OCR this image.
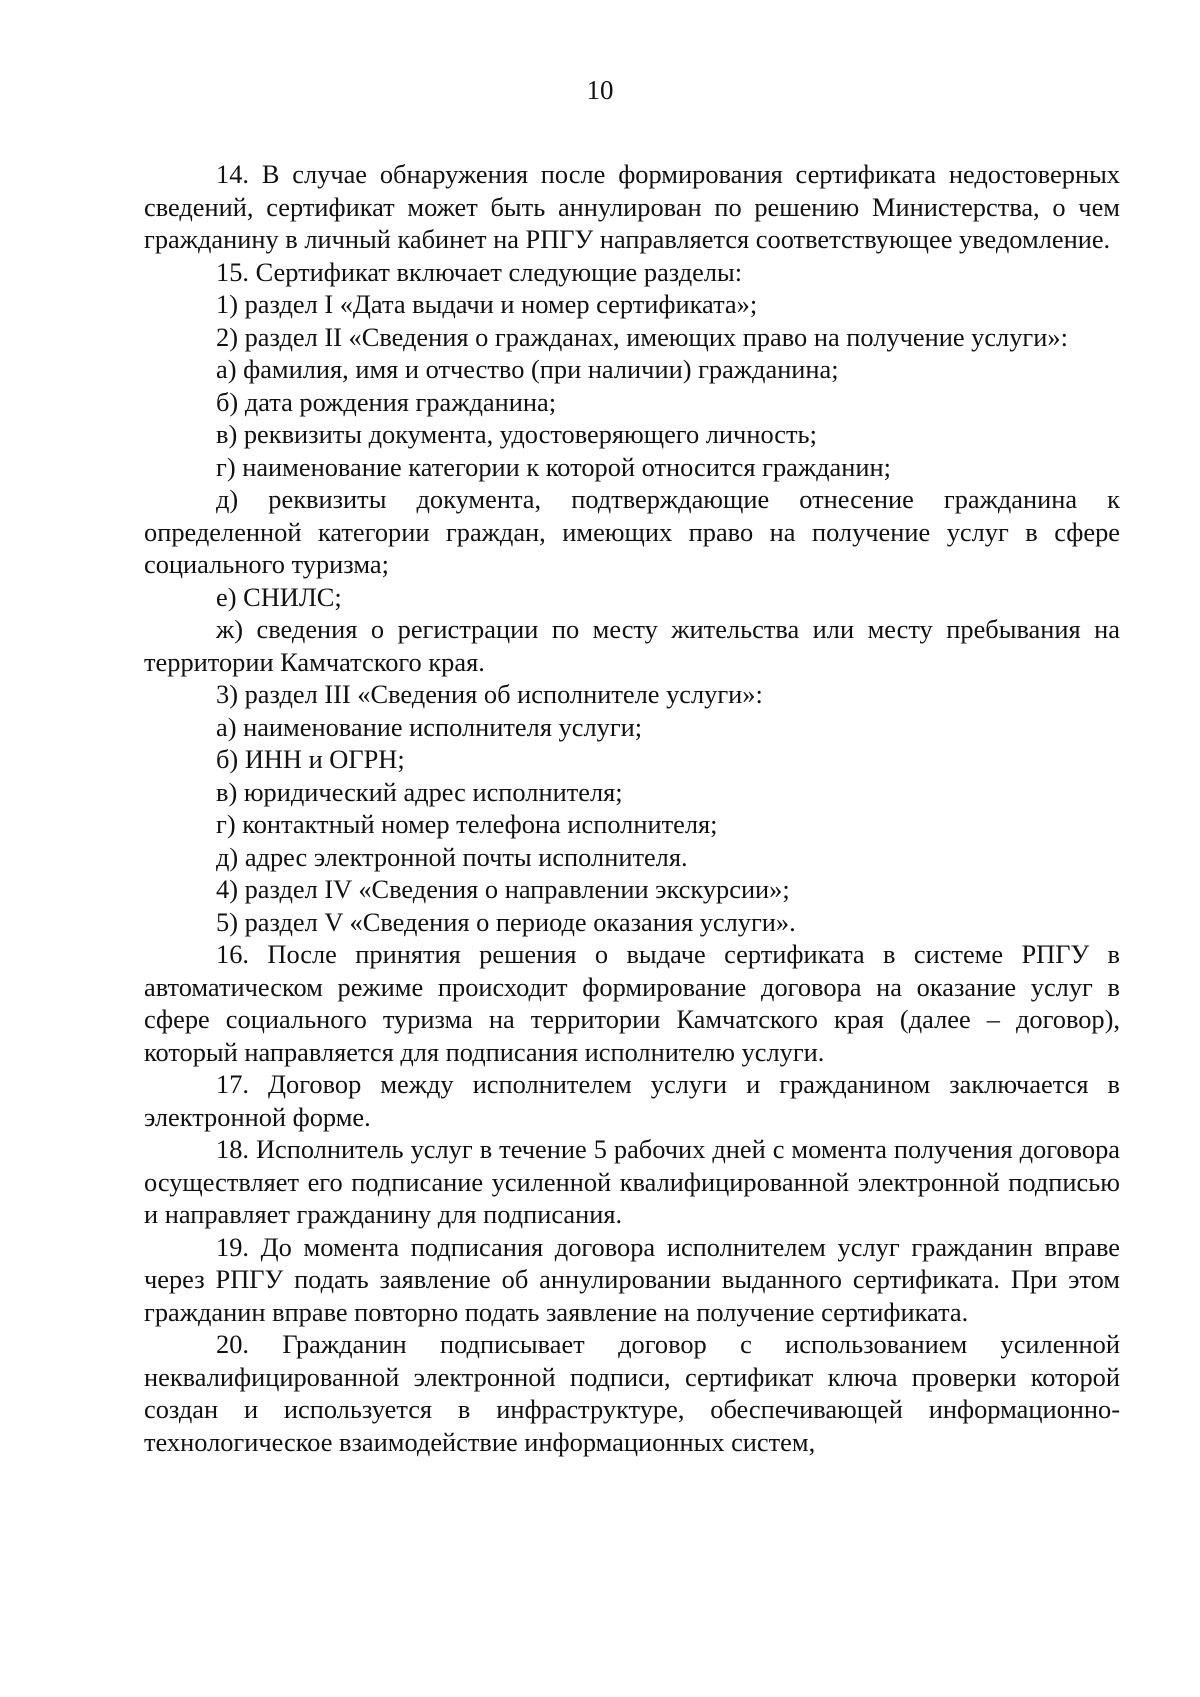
10

14. В случае обнаружения после формирования сертификата недостоверных сведений, сертификат может быть аннулирован по решению Министерства, о чем гражданину в личный кабинет на РПГУ направляется соответствующее уведомление.

15. Сертификат включает следующие разделы:

1) раздел I «Дата выдачи и номер сертификата»;

2) раздел II «Сведения о гражданах, имеющих право на получение услуги»:

а) фамилия, имя и отчество (при наличии) гражданина;

б) дата рождения гражданина;

в) реквизиты документа, удостоверяющего личность;

г) наименование категории к которой относится гражданин;

д) реквизиты документа, подтверждающие отнесение гражданина к определенной категории граждан, имеющих право на получение услуг в сфере социального туризма;

е) СНИЛС;

ж) сведения о регистрации по месту жительства или месту пребывания на территории Камчатского края.

3) раздел III «Сведения об исполнителе услуги»:

а) наименование исполнителя услуги;

б) ИНН и ОГРН;

в) юридический адрес исполнителя;

г) контактный номер телефона исполнителя;

д) адрес электронной почты исполнителя.

4) раздел IV «Сведения о направлении экскурсии»;

5) раздел V «Сведения о периоде оказания услуги».

16. После принятия решения о выдаче сертификата в системе РПГУ в автоматическом режиме происходит формирование договора на оказание услуг в сфере социального туризма на территории Камчатского края (далее – договор), который направляется для подписания исполнителю услуги.

17. Договор между исполнителем услуги и гражданином заключается в электронной форме.

18. Исполнитель услуг в течение 5 рабочих дней с момента получения договора осуществляет его подписание усиленной квалифицированной электронной подписью и направляет гражданину для подписания.

19. До момента подписания договора исполнителем услуг гражданин вправе через РПГУ подать заявление об аннулировании выданного сертификата. При этом гражданин вправе повторно подать заявление на получение сертификата.

20. Гражданин подписывает договор с использованием усиленной неквалифицированной электронной подписи, сертификат ключа проверки которой создан и используется в инфраструктуре, обеспечивающей информационно-технологическое взаимодействие информационных систем,
